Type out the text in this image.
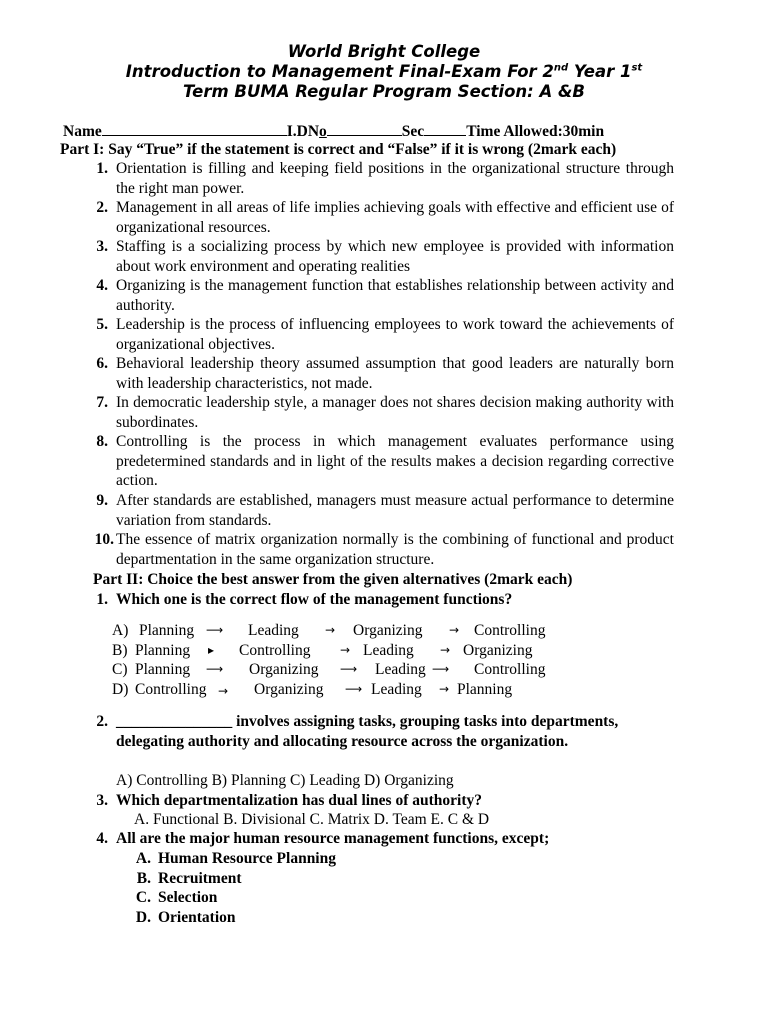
World Bright College
Introduction to Management Final-Exam For 2nd Year 1st
Term BUMA Regular Program Section: A &B
Name	I.DNo	Sec	Time Allowed:30min
Part I: Say “True” if the statement is correct and “False” if it is wrong (2mark each)
1. Orientation is filling and keeping field positions in the organizational structure through the right man power.
2. Management in all areas of life implies achieving goals with effective and efficient use of organizational resources.
3. Staffing is a socializing process by which new employee is provided with information about work environment and operating realities
4. Organizing is the management function that establishes relationship between activity and authority.
5. Leadership is the process of influencing employees to work toward the achievements of organizational objectives.
6. Behavioral leadership theory assumed assumption that good leaders are naturally born with leadership characteristics, not made.
7. In democratic leadership style, a manager does not shares decision making authority with subordinates.
8. Controlling is the process in which management evaluates performance using predetermined standards and in light of the results makes a decision regarding corrective action.
9. After standards are established, managers must measure actual performance to determine variation from standards.
10. The essence of matrix organization normally is the combining of functional and product departmentation in the same organization structure.
Part II: Choice the best answer from the given alternatives (2mark each)
1. Which one is the correct flow of the management functions?
A) Planning ⟶ Leading → Organizing → Controlling
B) Planning ▸ Controlling → Leading → Organizing
C) Planning ⟶ Organizing ⟶ Leading ⟶ Controlling
D) Controlling → Organizing ⟶ Leading → Planning
2. _______________ involves assigning tasks, grouping tasks into departments, delegating authority and allocating resource across the organization.
A) Controlling B) Planning C) Leading D) Organizing
3. Which departmentalization has dual lines of authority?
A. Functional B. Divisional C. Matrix D. Team E. C & D
4. All are the major human resource management functions, except;
A. Human Resource Planning
B. Recruitment
C. Selection
D. Orientation
